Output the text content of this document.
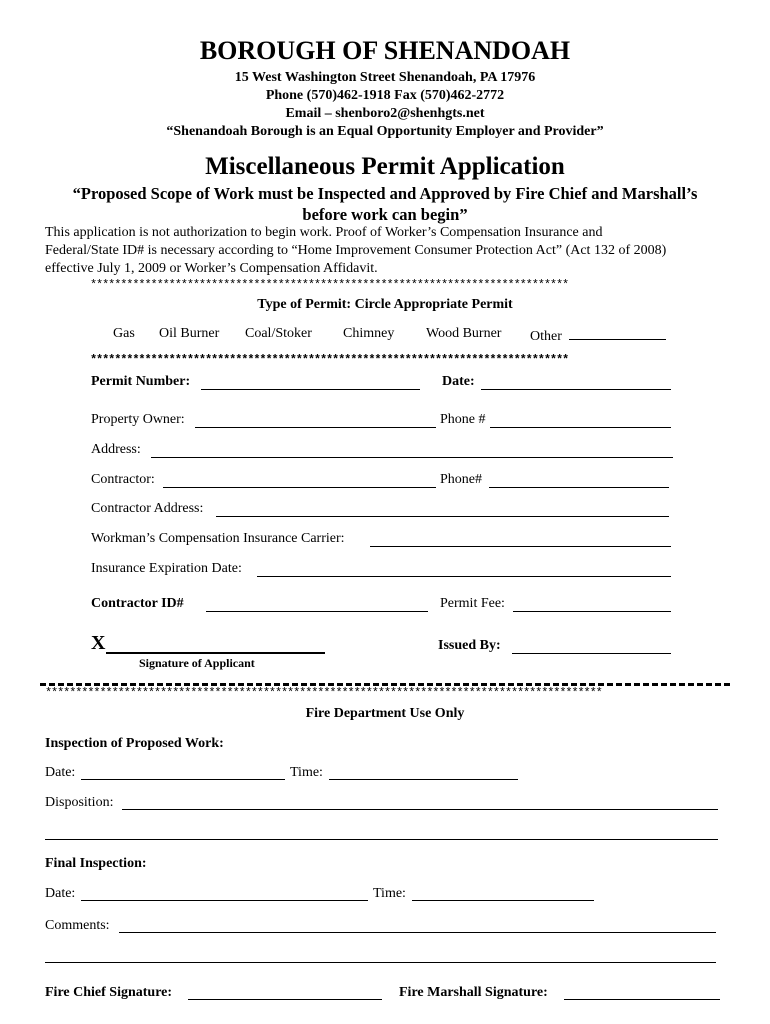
BOROUGH OF SHENANDOAH
15 West Washington Street Shenandoah, PA 17976
Phone (570)462-1918 Fax (570)462-2772
Email – shenboro2@shenhgts.net
“Shenandoah Borough is an Equal Opportunity Employer and Provider”
Miscellaneous Permit Application
“Proposed Scope of Work must be Inspected and Approved by Fire Chief and Marshall’s
before work can begin”
This application is not authorization to begin work. Proof of Worker’s Compensation Insurance and
Federal/State ID# is necessary according to “Home Improvement Consumer Protection Act” (Act 132 of 2008)
effective July 1, 2009 or Worker’s Compensation Affidavit.
*******************************************************************************
Type of Permit: Circle Appropriate Permit
Gas Oil Burner Coal/Stoker Chimney Wood Burner Other
*******************************************************************************
Permit Number:	Date:
Property Owner:	Phone #
Address:
Contractor:	Phone#
Contractor Address:
Workman’s Compensation Insurance Carrier:
Insurance Expiration Date:
Contractor ID#	Permit Fee:
X
Signature of Applicant
Issued By:
********************************************************************************************
Fire Department Use Only
Inspection of Proposed Work:
Date:	Time:
Disposition:
Final Inspection:
Date:	Time:
Comments:
Fire Chief Signature:	Fire Marshall Signature:
